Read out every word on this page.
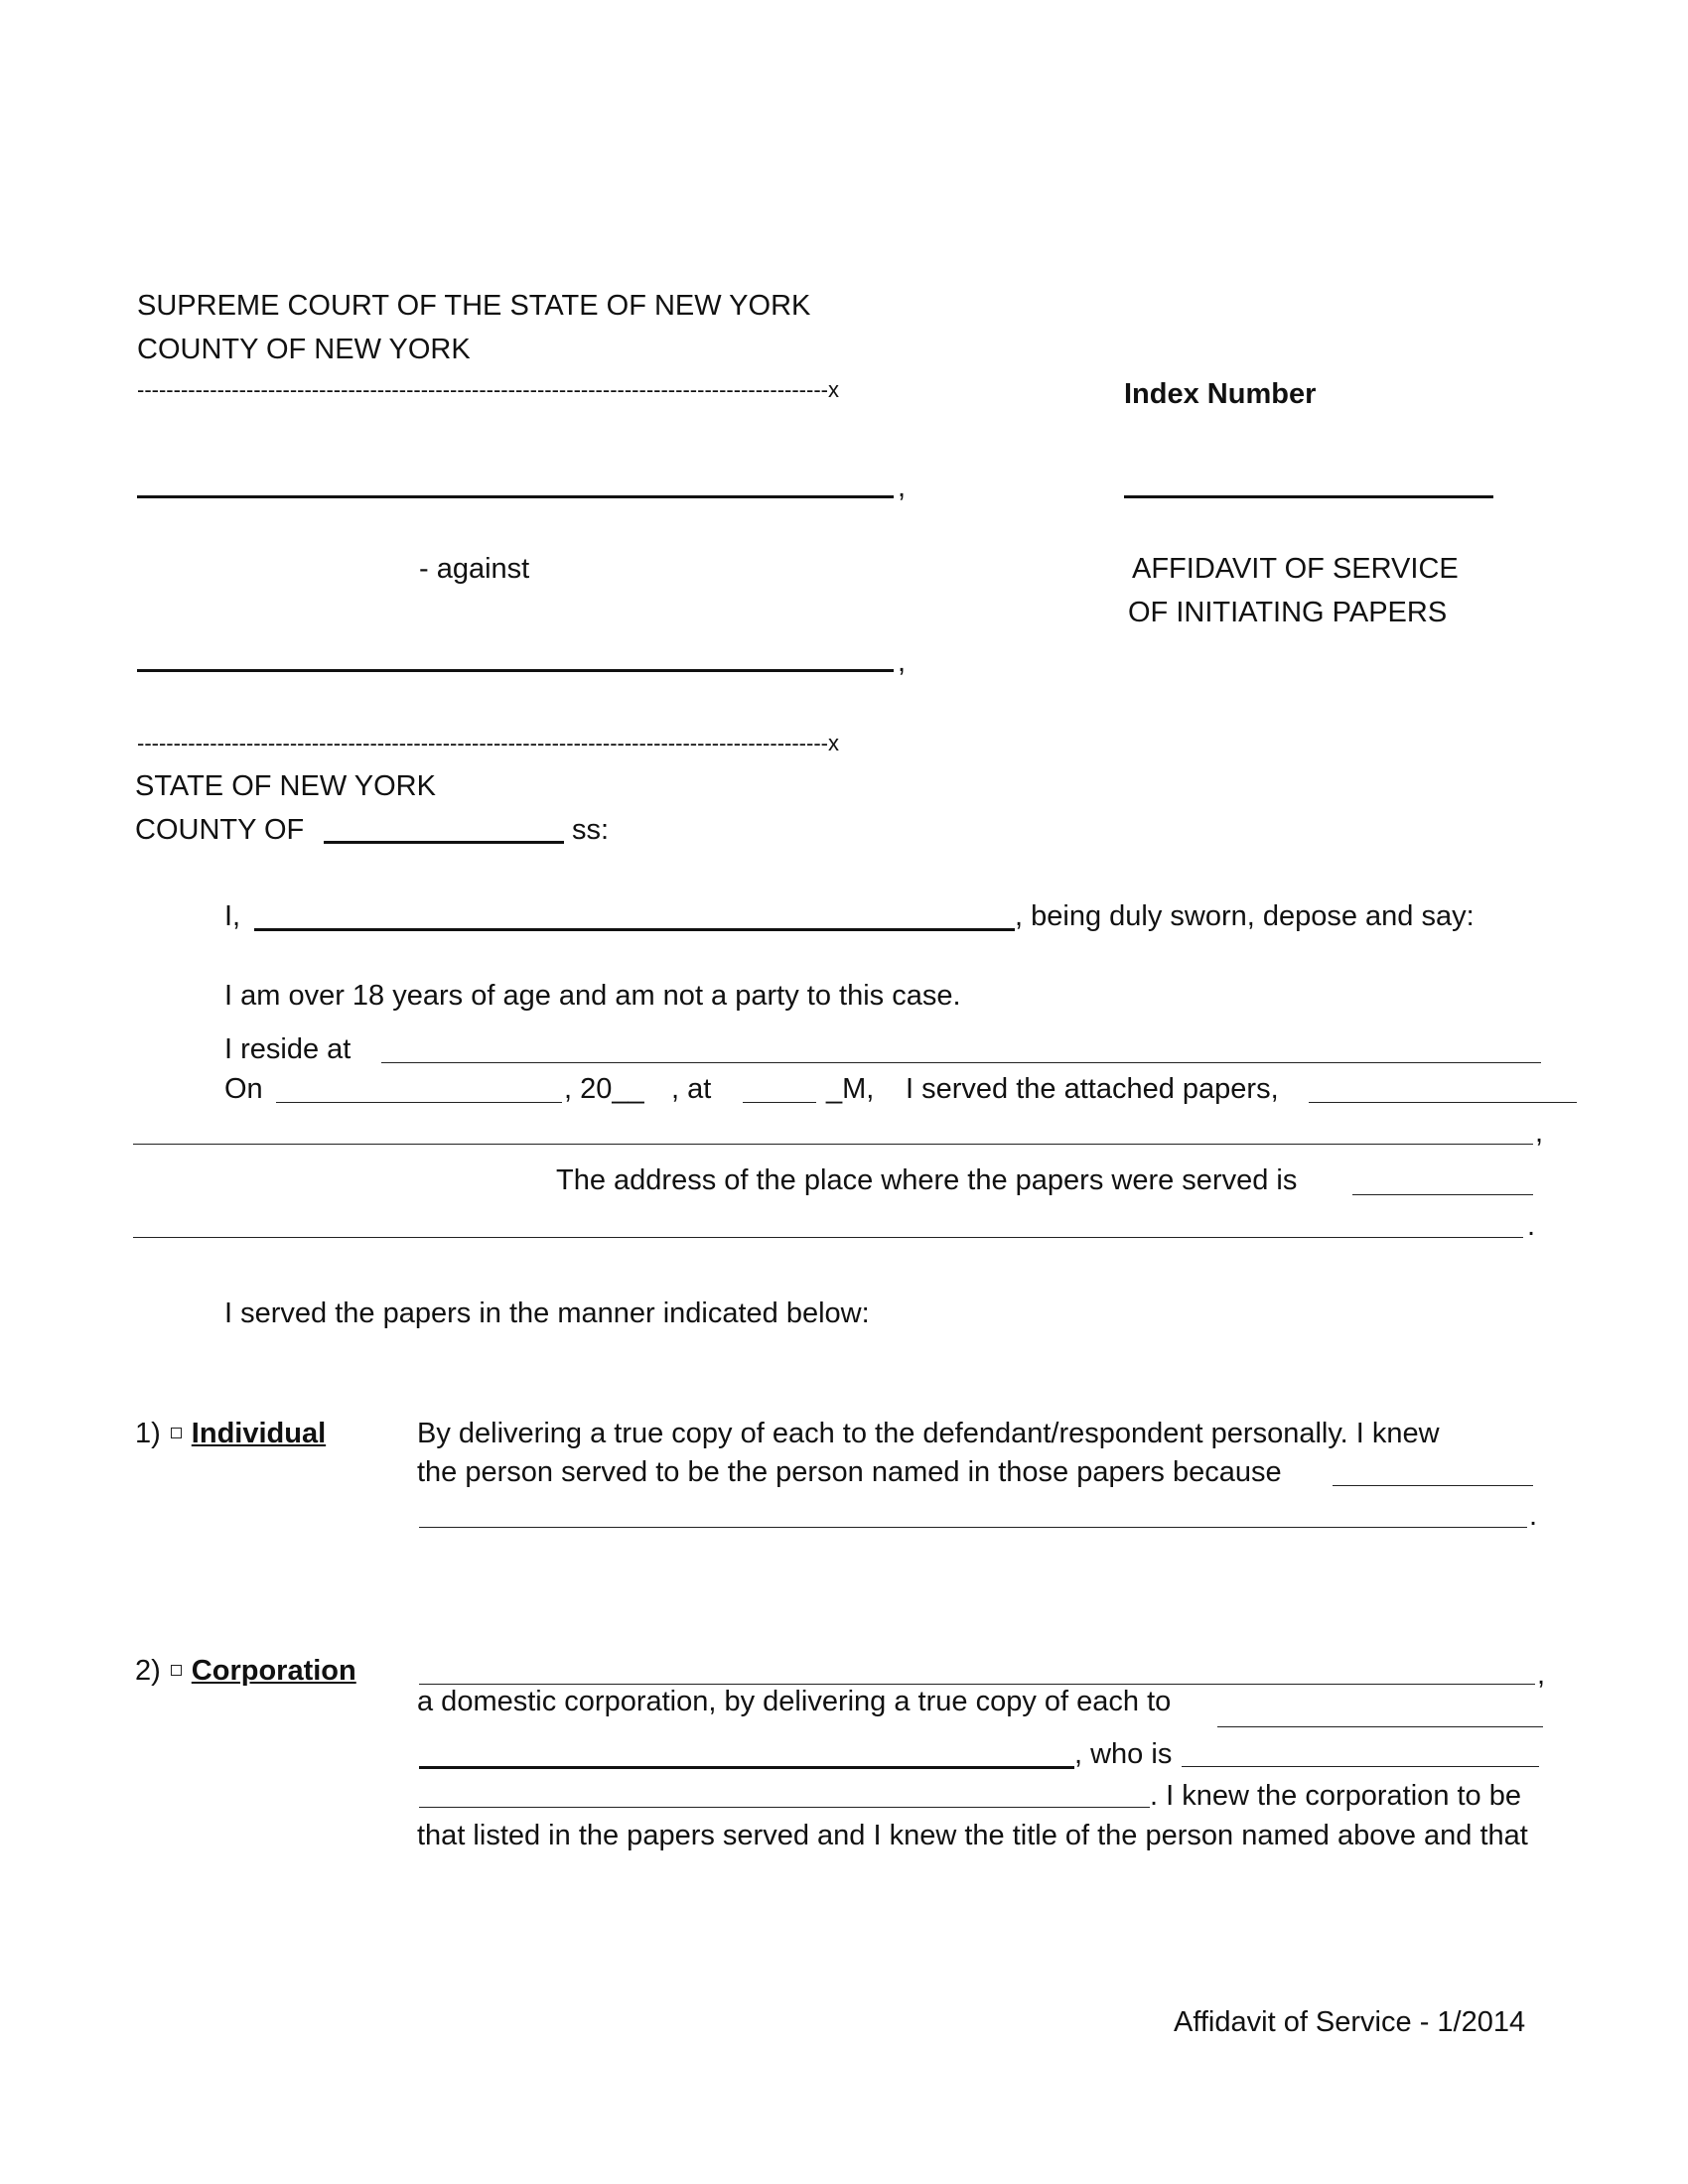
SUPREME COURT OF THE STATE OF NEW YORK
COUNTY OF NEW YORK
-----------------------------------------------------------------------------------------------x	Index Number
,
- against	AFFIDAVIT OF SERVICE
OF INITIATING PAPERS
,
-----------------------------------------------------------------------------------------------x
STATE OF NEW YORK
COUNTY OF	ss:
I,	, being duly sworn, depose and say:
I am over 18 years of age and am not a party to this case.
I reside at
On	, 20__ , at	_M, I served the attached papers,
,
The address of the place where the papers were served is
.
I served the papers in the manner indicated below:
1) Individual	By delivering a true copy of each to the defendant/respondent personally. I knew
the person served to be the person named in those papers because
.
2) Corporation	,
a domestic corporation, by delivering a true copy of each to
, who is
. I knew the corporation to be
that listed in the papers served and I knew the title of the person named above and that
Affidavit of Service - 1/2014
